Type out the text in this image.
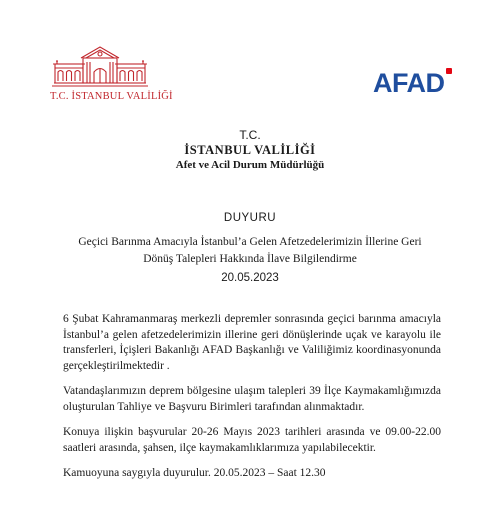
T.C. İSTANBUL VALİLİĞİ	AFAD
T.C.
İSTANBUL VALİLİĞİ
Afet ve Acil Durum Müdürlüğü
DUYURU
Geçici Barınma Amacıyla İstanbul’a Gelen Afetzedelerimizin İllerine Geri
Dönüş Talepleri Hakkında İlave Bilgilendirme
20.05.2023

6 Şubat Kahramanmaraş merkezli depremler sonrasında geçici barınma amacıyla İstanbul’a gelen afetzedelerimizin illerine geri dönüşlerinde uçak ve karayolu ile transferleri, İçişleri Bakanlığı AFAD Başkanlığı ve Valiliğimiz koordinasyonunda gerçekleştirilmektedir .

Vatandaşlarımızın deprem bölgesine ulaşım talepleri 39 İlçe Kaymakamlığımızda oluşturulan Tahliye ve Başvuru Birimleri tarafından alınmaktadır.

Konuya ilişkin başvurular 20-26 Mayıs 2023 tarihleri arasında ve 09.00-22.00 saatleri arasında, şahsen, ilçe kaymakamlıklarımıza yapılabilecektir.

Kamuoyuna saygıyla duyurulur. 20.05.2023 – Saat 12.30
